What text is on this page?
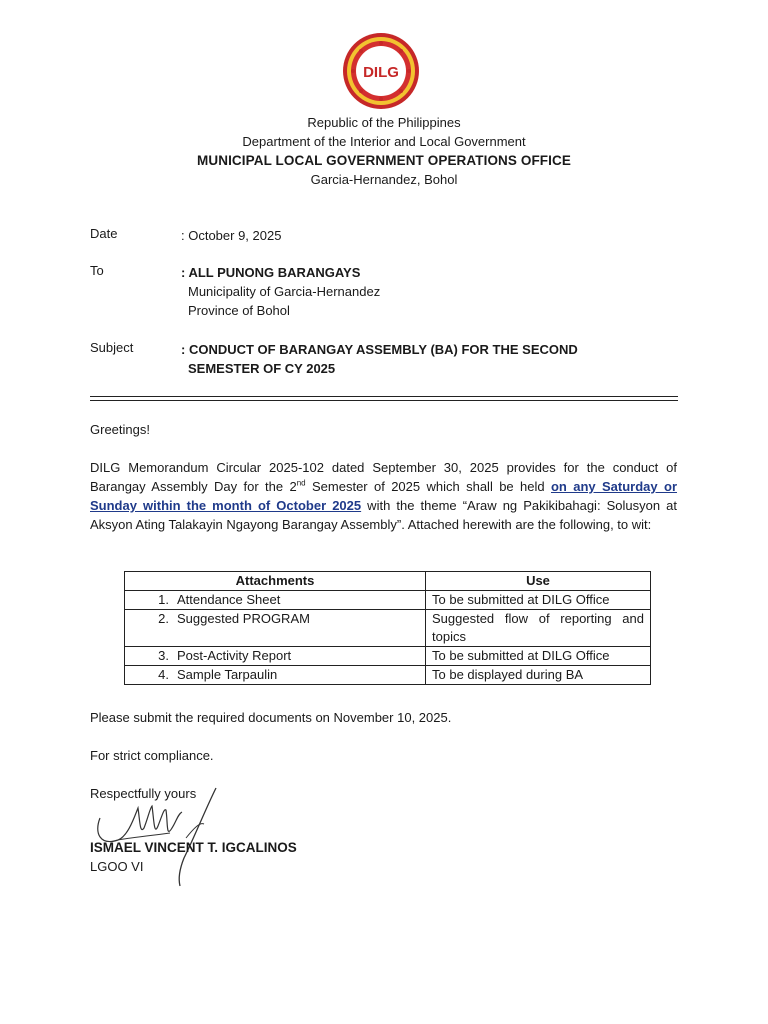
DILG
Republic of the Philippines
Department of the Interior and Local Government
MUNICIPAL LOCAL GOVERNMENT OPERATIONS OFFICE
Garcia-Hernandez, Bohol
Date	: October 9, 2025
To	: ALL PUNONG BARANGAYS
Municipality of Garcia-Hernandez
Province of Bohol
Subject	: CONDUCT OF BARANGAY ASSEMBLY (BA) FOR THE SECOND
SEMESTER OF CY 2025
Greetings!
DILG Memorandum Circular 2025-102 dated September 30, 2025 provides for the conduct of Barangay Assembly Day for the 2nd Semester of 2025 which shall be held on any Saturday or Sunday within the month of October 2025 with the theme “Araw ng Pakikibahagi: Solusyon at Aksyon Ating Talakayin Ngayong Barangay Assembly”. Attached herewith are the following, to wit:
Attachments	Use
1. Attendance Sheet	To be submitted at DILG Office
2. Suggested PROGRAM	Suggested flow of reporting and topics
3. Post-Activity Report	To be submitted at DILG Office
4. Sample Tarpaulin	To be displayed during BA
Please submit the required documents on November 10, 2025.
For strict compliance.
Respectfully yours
ISMAEL VINCENT T. IGCALINOS
LGOO VI
